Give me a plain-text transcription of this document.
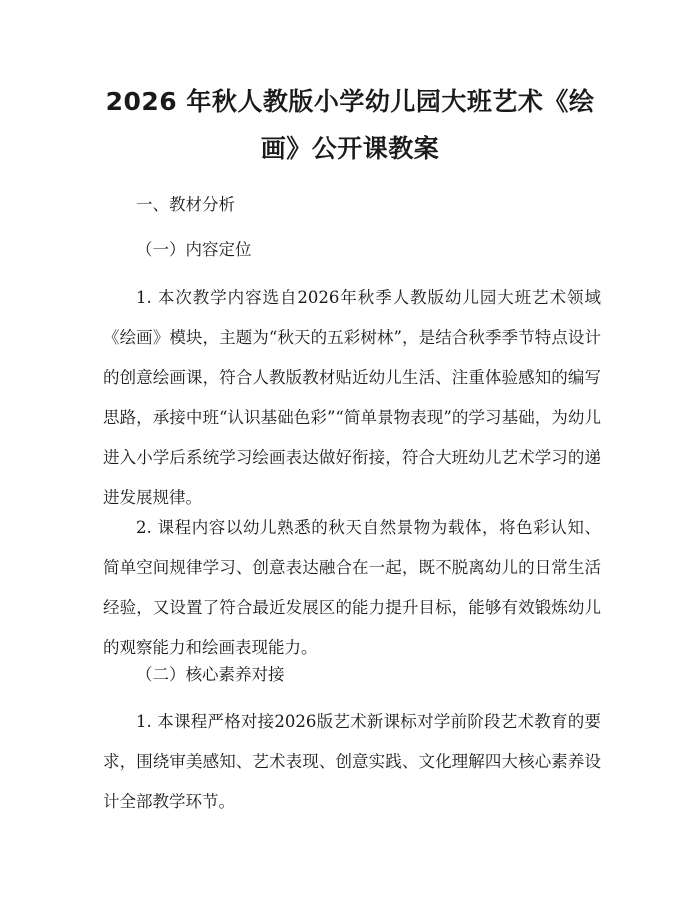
2026 年秋人教版小学幼儿园大班艺术《绘
画》公开课教案
一、教材分析
（一）内容定位
1. 本次教学内容选自2026年秋季人教版幼儿园大班艺术领域《绘画》模块，主题为“秋天的五彩树林”，是结合秋季季节特点设计的创意绘画课，符合人教版教材贴近幼儿生活、注重体验感知的编写思路，承接中班“认识基础色彩”“简单景物表现”的学习基础，为幼儿进入小学后系统学习绘画表达做好衔接，符合大班幼儿艺术学习的递进发展规律。
2. 课程内容以幼儿熟悉的秋天自然景物为载体，将色彩认知、简单空间规律学习、创意表达融合在一起，既不脱离幼儿的日常生活经验，又设置了符合最近发展区的能力提升目标，能够有效锻炼幼儿的观察能力和绘画表现能力。
（二）核心素养对接
1. 本课程严格对接2026版艺术新课标对学前阶段艺术教育的要求，围绕审美感知、艺术表现、创意实践、文化理解四大核心素养设计全部教学环节。
